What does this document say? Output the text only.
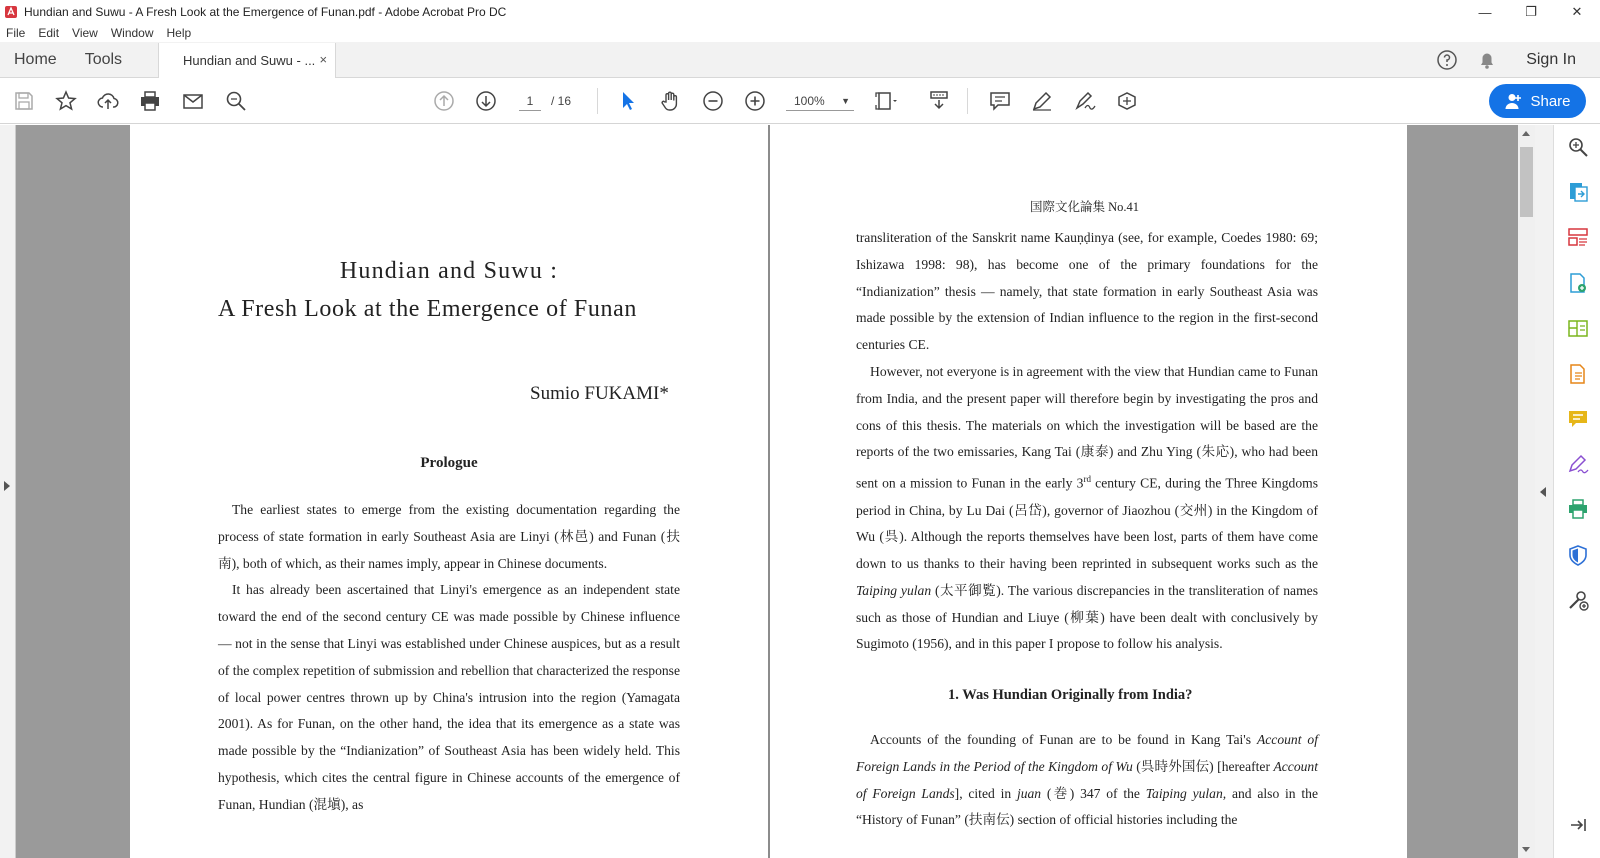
Hundian and Suwu - A Fresh Look at the Emergence of Funan.pdf - Adobe Acrobat Pro DC	—	❐	✕
File Edit View Window Help
Home	Tools	Hundian and Suwu - ... ×	Sign In
1	/ 16	100% ▼	Share
Hundian and Suwu :
A Fresh Look at the Emergence of Funan
Sumio FUKAMI*
Prologue

The earliest states to emerge from the existing documentation regarding the process of state formation in early Southeast Asia are Linyi (林邑) and Funan (扶南), both of which, as their names imply, appear in Chinese documents.

It has already been ascertained that Linyi's emergence as an independent state toward the end of the second century CE was made possible by Chinese influence — not in the sense that Linyi was established under Chinese auspices, but as a result of the complex repetition of submission and rebellion that characterized the response of local power centres thrown up by China's intrusion into the region (Yamagata 2001). As for Funan, on the other hand, the idea that its emergence as a state was made possible by the “Indianization” of Southeast Asia has been widely held. This hypothesis, which cites the central figure in Chinese accounts of the emergence of Funan, Hundian (混塡), as

国際文化論集 No.41

transliteration of the Sanskrit name Kauṇḍinya (see, for example, Coedes 1980: 69; Ishizawa 1998: 98), has become one of the primary foundations for the “Indianization” thesis — namely, that state formation in early Southeast Asia was made possible by the extension of Indian influence to the region in the first-second centuries CE.

However, not everyone is in agreement with the view that Hundian came to Funan from India, and the present paper will therefore begin by investigating the pros and cons of this thesis. The materials on which the investigation will be based are the reports of the two emissaries, Kang Tai (康泰) and Zhu Ying (朱応), who had been sent on a mission to Funan in the early 3rd century CE, during the Three Kingdoms period in China, by Lu Dai (呂岱), governor of Jiaozhou (交州) in the Kingdom of Wu (呉). Although the reports themselves have been lost, parts of them have come down to us thanks to their having been reprinted in subsequent works such as the Taiping yulan (太平御覧). The various discrepancies in the transliteration of names such as those of Hundian and Liuye (柳葉) have been dealt with conclusively by Sugimoto (1956), and in this paper I propose to follow his analysis.

1. Was Hundian Originally from India?

Accounts of the founding of Funan are to be found in Kang Tai's Account of Foreign Lands in the Period of the Kingdom of Wu (呉時外国伝) [hereafter Account of Foreign Lands], cited in juan (巻) 347 of the Taiping yulan, and also in the “History of Funan” (扶南伝) section of official histories including the
